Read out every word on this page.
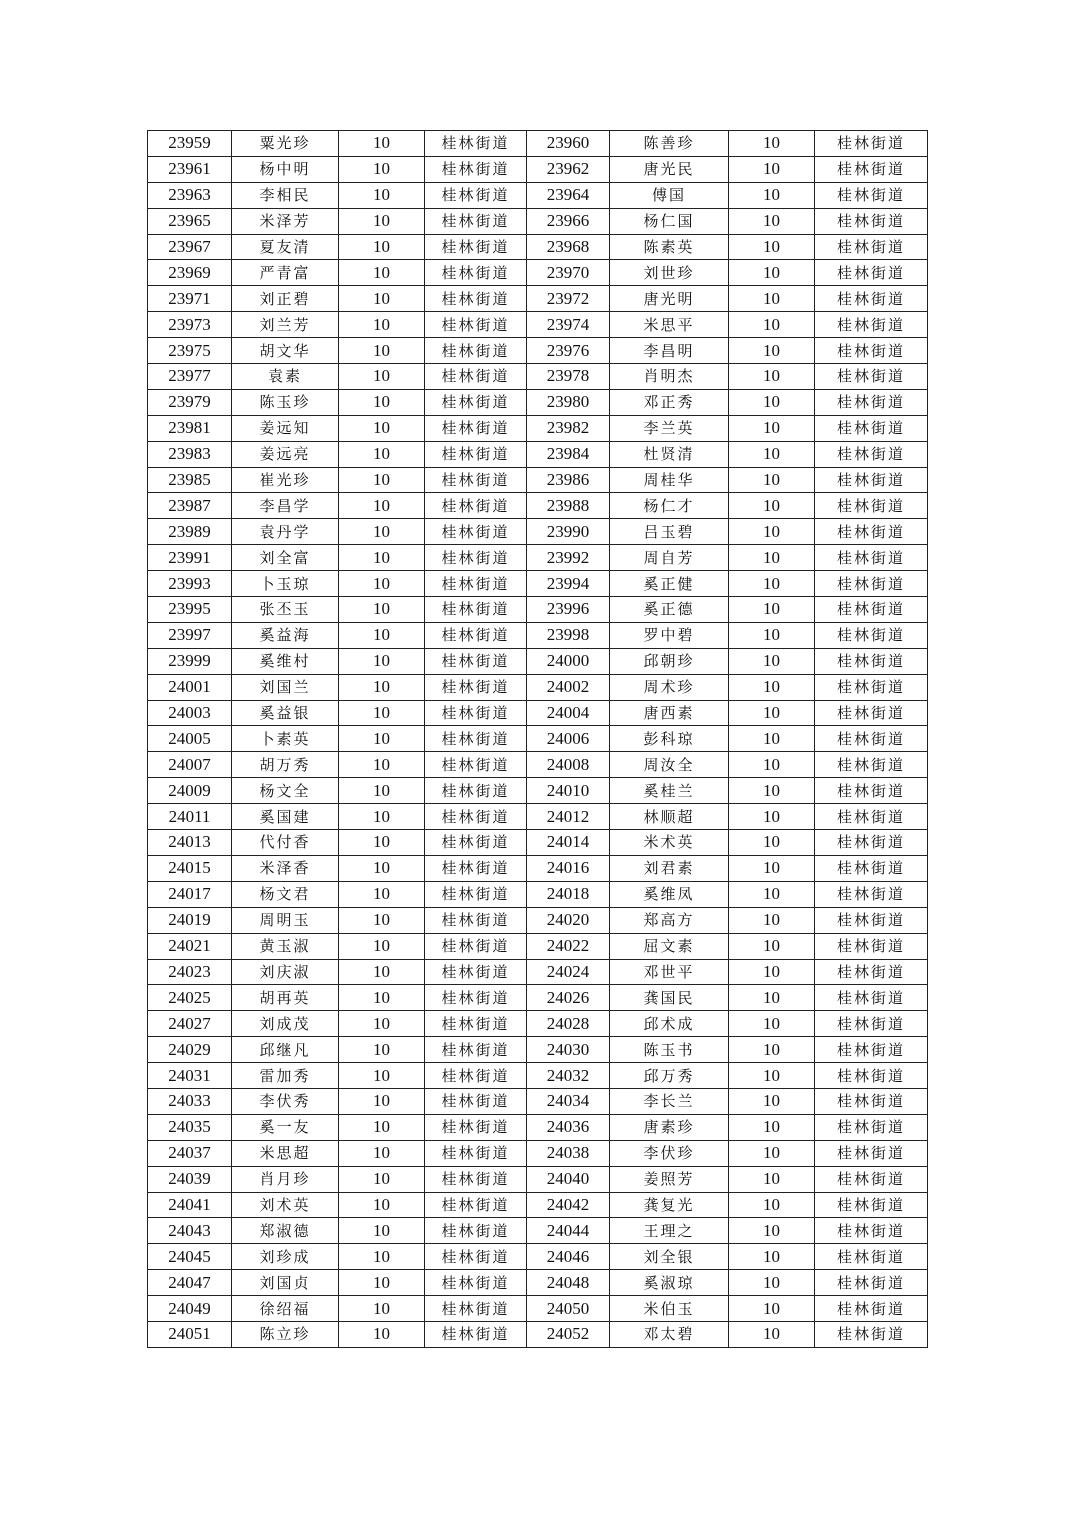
23959	粟光珍	10	桂林街道	23960	陈善珍	10	桂林街道
23961	杨中明	10	桂林街道	23962	唐光民	10	桂林街道
23963	李相民	10	桂林街道	23964	傅国	10	桂林街道
23965	米泽芳	10	桂林街道	23966	杨仁国	10	桂林街道
23967	夏友清	10	桂林街道	23968	陈素英	10	桂林街道
23969	严青富	10	桂林街道	23970	刘世珍	10	桂林街道
23971	刘正碧	10	桂林街道	23972	唐光明	10	桂林街道
23973	刘兰芳	10	桂林街道	23974	米思平	10	桂林街道
23975	胡文华	10	桂林街道	23976	李昌明	10	桂林街道
23977	袁素	10	桂林街道	23978	肖明杰	10	桂林街道
23979	陈玉珍	10	桂林街道	23980	邓正秀	10	桂林街道
23981	姜远知	10	桂林街道	23982	李兰英	10	桂林街道
23983	姜远亮	10	桂林街道	23984	杜贤清	10	桂林街道
23985	崔光珍	10	桂林街道	23986	周桂华	10	桂林街道
23987	李昌学	10	桂林街道	23988	杨仁才	10	桂林街道
23989	袁丹学	10	桂林街道	23990	吕玉碧	10	桂林街道
23991	刘全富	10	桂林街道	23992	周自芳	10	桂林街道
23993	卜玉琼	10	桂林街道	23994	奚正健	10	桂林街道
23995	张丕玉	10	桂林街道	23996	奚正德	10	桂林街道
23997	奚益海	10	桂林街道	23998	罗中碧	10	桂林街道
23999	奚维村	10	桂林街道	24000	邱朝珍	10	桂林街道
24001	刘国兰	10	桂林街道	24002	周术珍	10	桂林街道
24003	奚益银	10	桂林街道	24004	唐西素	10	桂林街道
24005	卜素英	10	桂林街道	24006	彭科琼	10	桂林街道
24007	胡万秀	10	桂林街道	24008	周汝全	10	桂林街道
24009	杨文全	10	桂林街道	24010	奚桂兰	10	桂林街道
24011	奚国建	10	桂林街道	24012	林顺超	10	桂林街道
24013	代付香	10	桂林街道	24014	米术英	10	桂林街道
24015	米泽香	10	桂林街道	24016	刘君素	10	桂林街道
24017	杨文君	10	桂林街道	24018	奚维凤	10	桂林街道
24019	周明玉	10	桂林街道	24020	郑高方	10	桂林街道
24021	黄玉淑	10	桂林街道	24022	屈文素	10	桂林街道
24023	刘庆淑	10	桂林街道	24024	邓世平	10	桂林街道
24025	胡再英	10	桂林街道	24026	龚国民	10	桂林街道
24027	刘成茂	10	桂林街道	24028	邱术成	10	桂林街道
24029	邱继凡	10	桂林街道	24030	陈玉书	10	桂林街道
24031	雷加秀	10	桂林街道	24032	邱万秀	10	桂林街道
24033	李伏秀	10	桂林街道	24034	李长兰	10	桂林街道
24035	奚一友	10	桂林街道	24036	唐素珍	10	桂林街道
24037	米思超	10	桂林街道	24038	李伏珍	10	桂林街道
24039	肖月珍	10	桂林街道	24040	姜照芳	10	桂林街道
24041	刘术英	10	桂林街道	24042	龚复光	10	桂林街道
24043	郑淑德	10	桂林街道	24044	王理之	10	桂林街道
24045	刘珍成	10	桂林街道	24046	刘全银	10	桂林街道
24047	刘国贞	10	桂林街道	24048	奚淑琼	10	桂林街道
24049	徐绍福	10	桂林街道	24050	米伯玉	10	桂林街道
24051	陈立珍	10	桂林街道	24052	邓太碧	10	桂林街道
